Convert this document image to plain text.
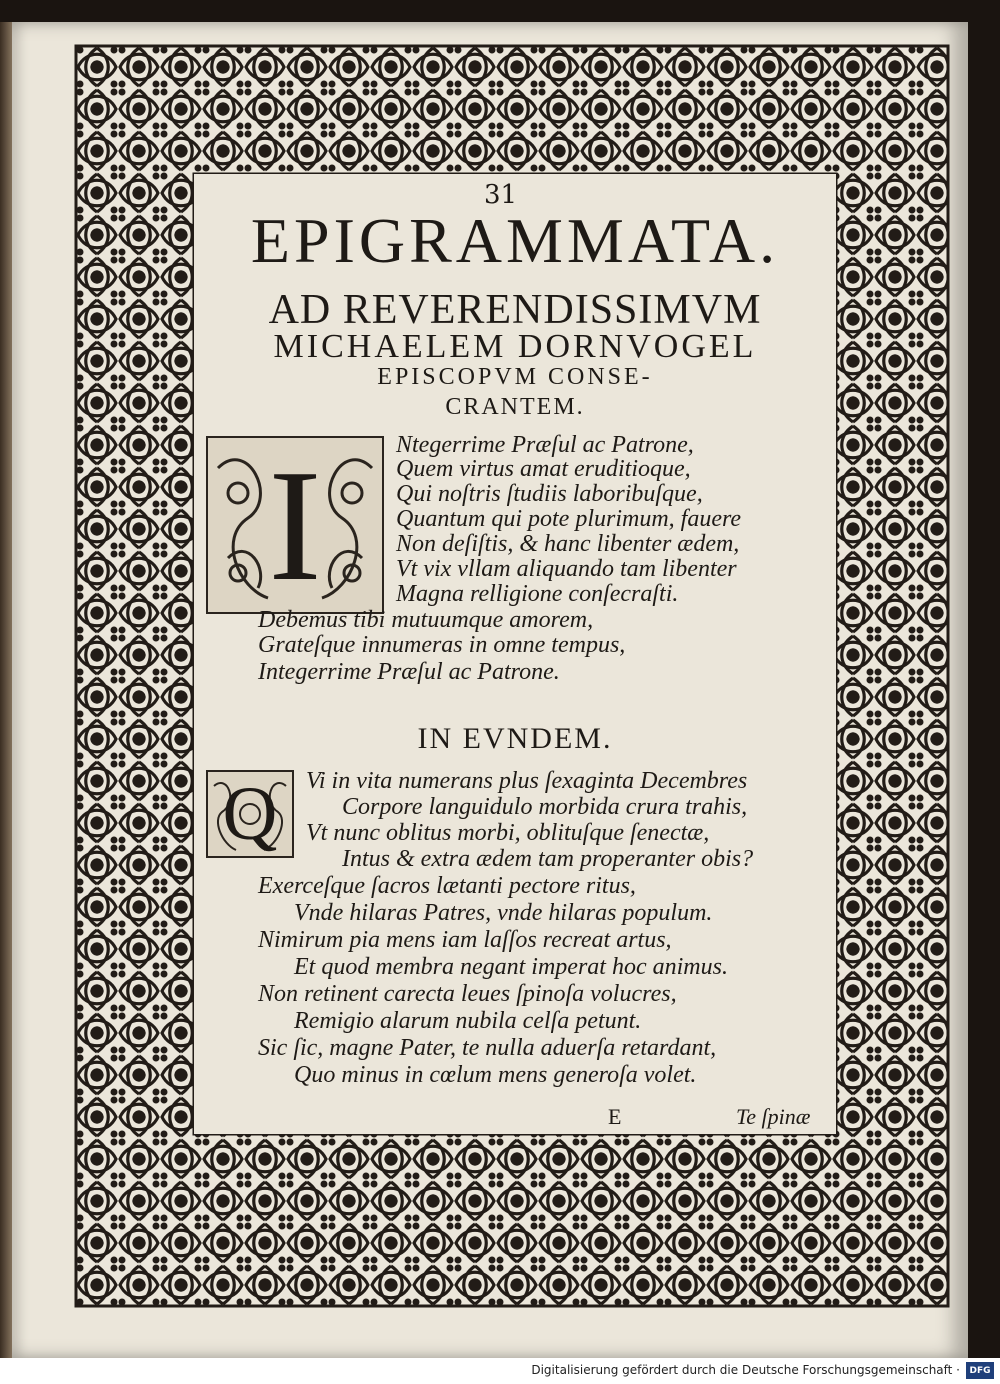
31
EPIGRAMMATA.
AD REVERENDISSIMVM
MICHAELEM DORNVOGEL
EPISCOPVM CONSE-
CRANTEM.
I	Ntegerrime Præſul ac Patrone,
Quem virtus amat eruditioque,
Qui noſtris ſtudiis laboribuſque,
Quantum qui pote plurimum, fauere
Non deſiſtis, & hanc libenter ædem,
Vt vix vllam aliquando tam libenter
Magna relligione conſecraſti.
Debemus tibi mutuumque amorem,
Grateſque innumeras in omne tempus,
Integerrime Præſul ac Patrone.
IN EVNDEM.
Q	Vi in vita numerans plus ſexaginta Decembres
Corpore languidulo morbida crura trahis,
Vt nunc oblitus morbi, oblituſque ſenectæ,
Intus & extra ædem tam properanter obis?
Exerceſque ſacros lætanti pectore ritus,
Vnde hilaras Patres, vnde hilaras populum.
Nimirum pia mens iam laſſos recreat artus,
Et quod membra negant imperat hoc animus.
Non retinent carecta leues ſpinoſa volucres,
Remigio alarum nubila celſa petunt.
Sic ſic, magne Pater, te nulla aduerſa retardant,
Quo minus in cœlum mens generoſa volet.
E	Te ſpinæ
Digitalisierung gefördert durch die Deutsche Forschungsgemeinschaft ·	DFG
